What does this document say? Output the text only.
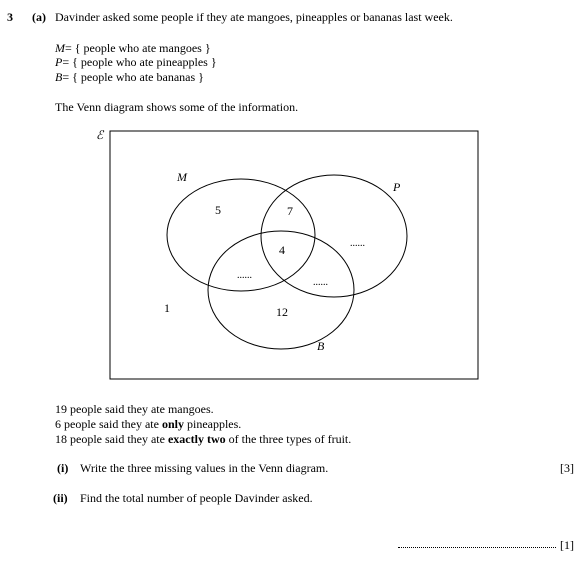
3 (a) Davinder asked some people if they ate mangoes, pineapples or bananas last week.
M= { people who ate mangoes }
P= { people who ate pineapples }
B= { people who ate bananas }
The Venn diagram shows some of the information.
ℰ
M
P
B
5	7
4	......
......
......
12
1
19 people said they ate mangoes.
6 people said they ate only pineapples.
18 people said they ate exactly two of the three types of fruit.
(i) Write the three missing values in the Venn diagram.	[3]
(ii) Find the total number of people Davinder asked.
[1]
